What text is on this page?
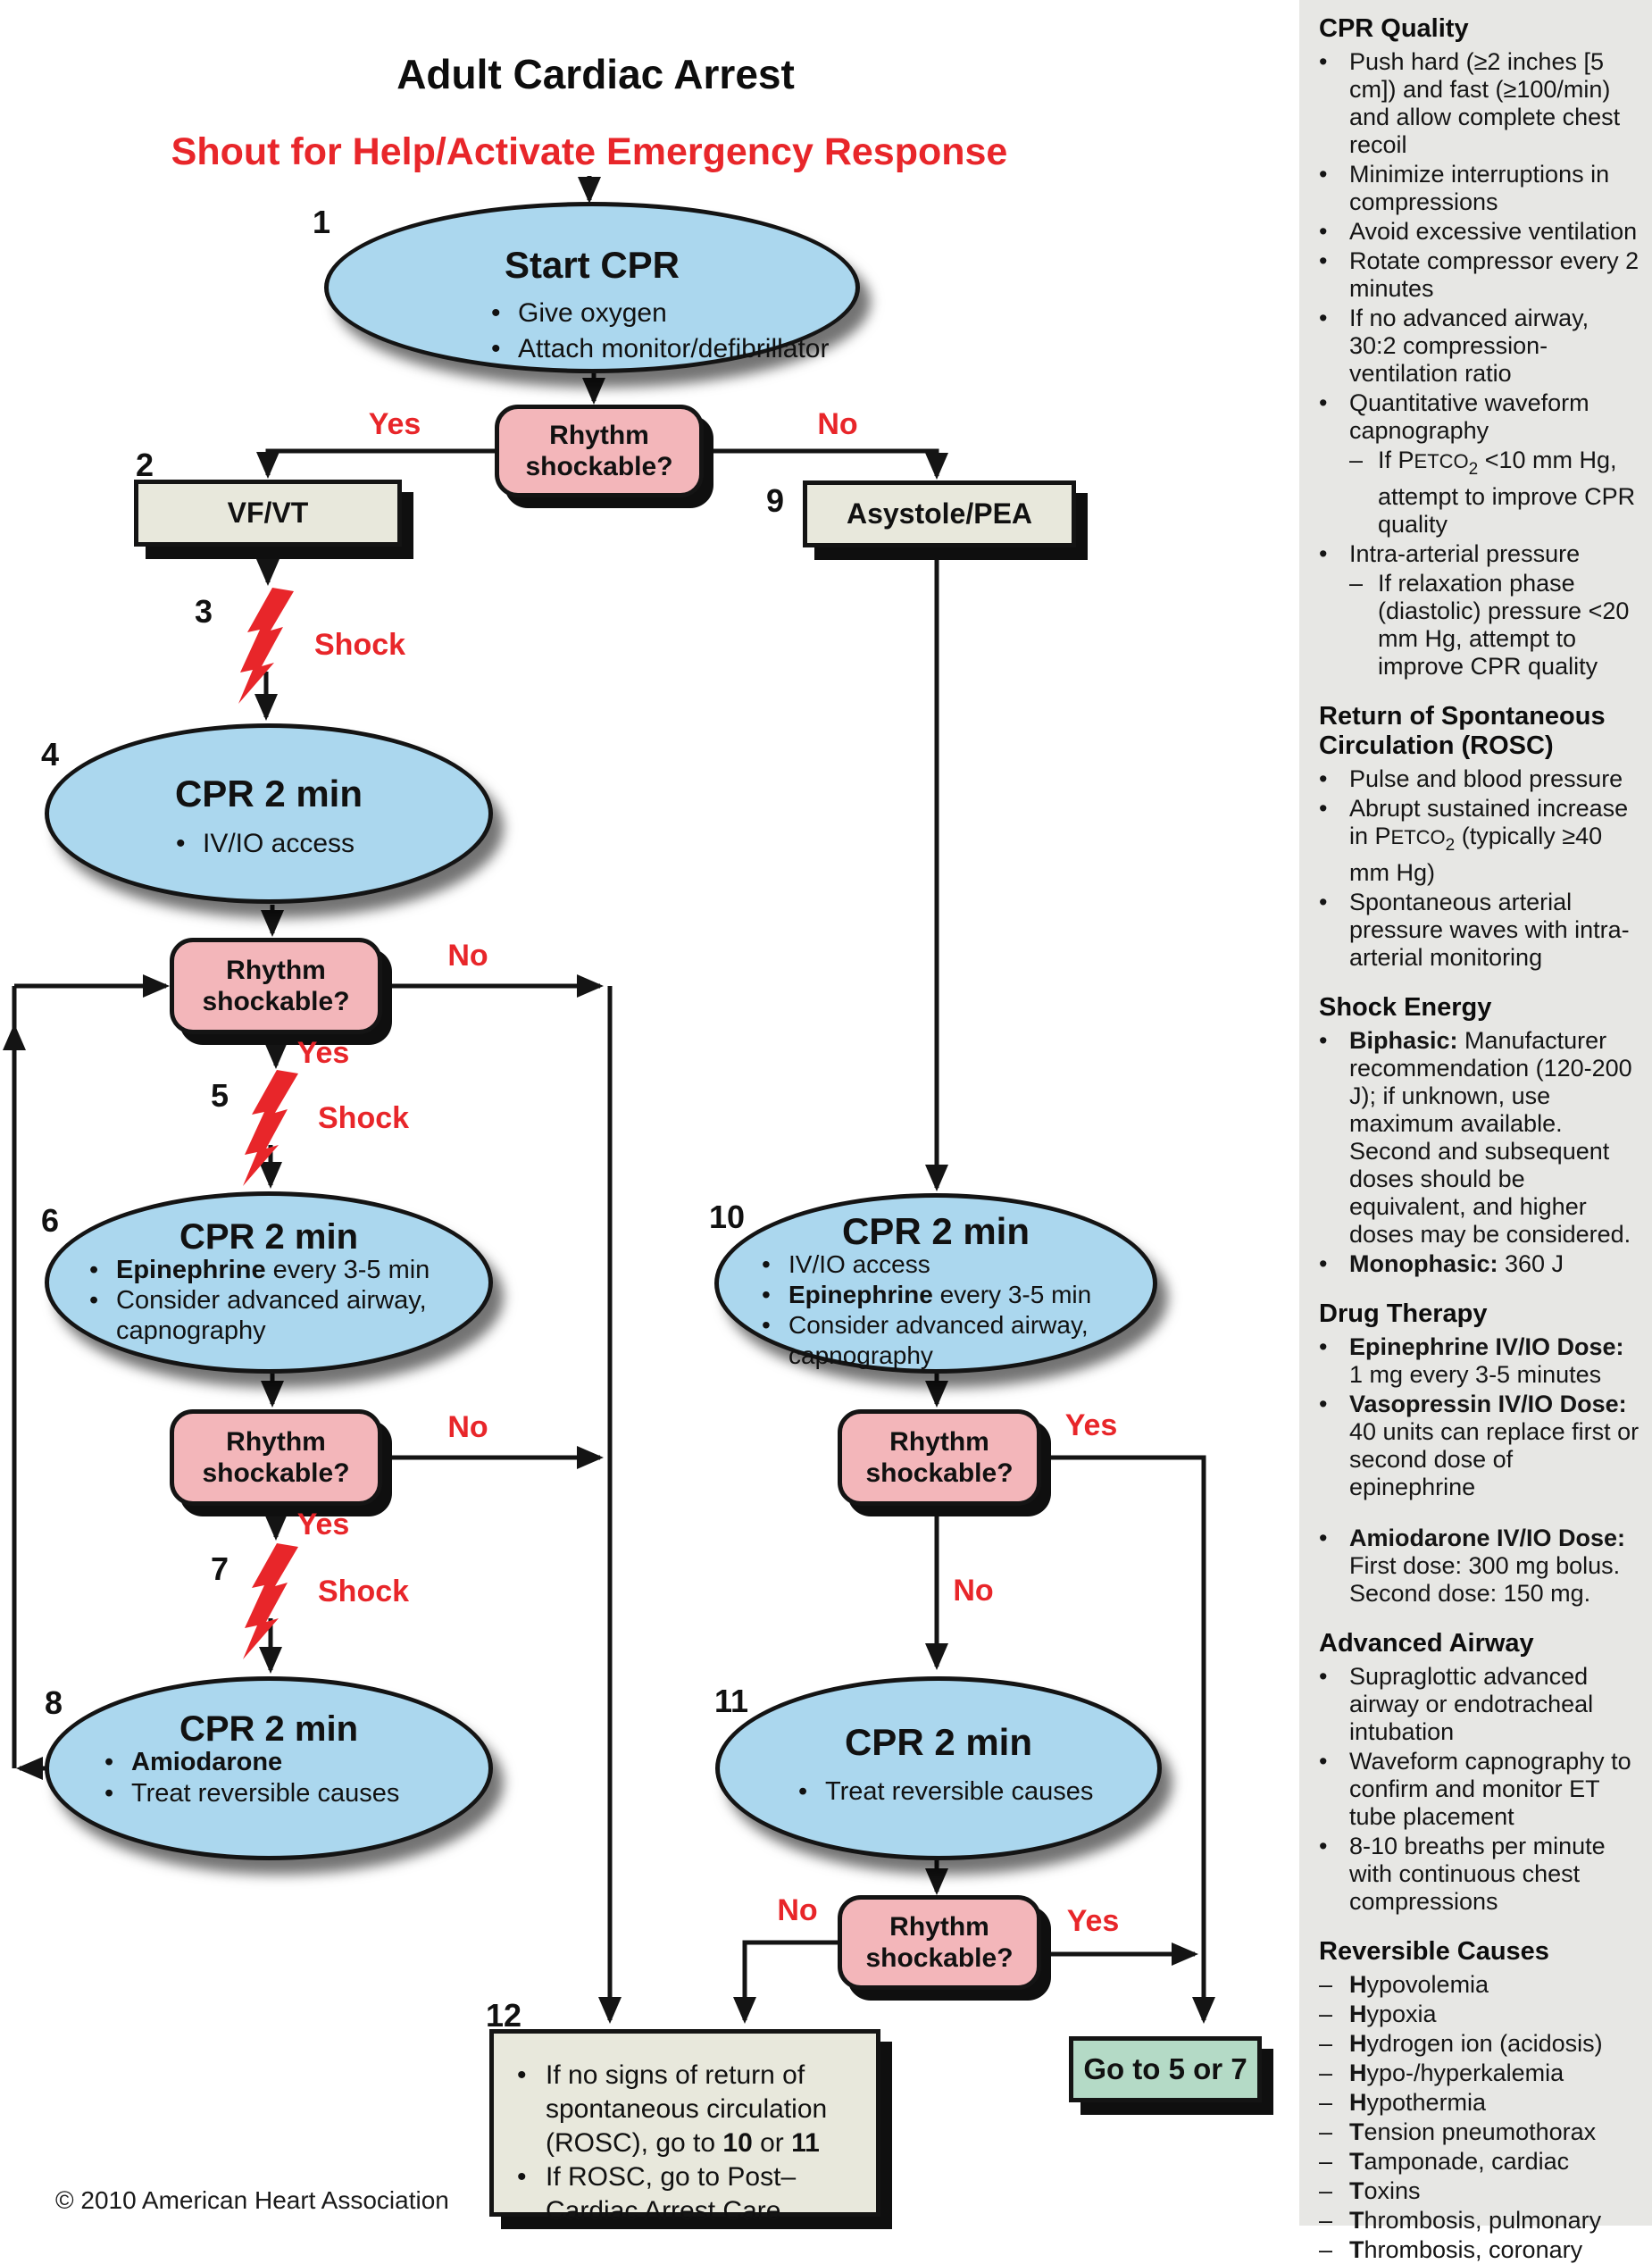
Adult Cardiac Arrest
Shout for Help/Activate Emergency Response
1
2
3
4
5
6
7
8
9
10
11
12
Yes	No
No
Yes
No
Yes
Yes
No
No	Yes
Shock
Shock
Shock
Start CPR
• Give oxygen
• Attach monitor/defibrillator
Rhythm
shockable?
VF/VT	Asystole/PEA
CPR 2 min
• IV/IO access
Rhythm
shockable?
CPR 2 min
• Epinephrine every 3-5 min
• Consider advanced airway, capnography
Rhythm
shockable?
CPR 2 min
• Amiodarone
• Treat reversible causes
CPR 2 min
• IV/IO access
• Epinephrine every 3-5 min
• Consider advanced airway, capnography
Rhythm
shockable?
CPR 2 min
• Treat reversible causes
Rhythm
shockable?
• If no signs of return of spontaneous circulation (ROSC), go to 10 or 11
• If ROSC, go to Post–Cardiac Arrest Care
Go to 5 or 7
© 2010 American Heart Association
CPR Quality
• Push hard (≥2 inches [5 cm]) and fast (≥100/min) and allow complete chest recoil
• Minimize interruptions in compressions
• Avoid excessive ventilation
• Rotate compressor every 2 minutes
• If no advanced airway, 30:2 compression-ventilation ratio
• Quantitative waveform capnography
– If $PETCO_2 <10$ mm Hg, attempt to improve CPR quality
• Intra-arterial pressure
– If relaxation phase (diastolic) pressure <20 mm Hg, attempt to improve CPR quality
Return of Spontaneous Circulation (ROSC)
• Pulse and blood pressure
• Abrupt sustained increase in $PETCO_2$ (typically ≥40 mm Hg)
• Spontaneous arterial pressure waves with intra-arterial monitoring
Shock Energy
• Biphasic: Manufacturer recommendation (120-200 J); if unknown, use maximum available. Second and subsequent doses should be equivalent, and higher doses may be considered.
• Monophasic: 360 J
Drug Therapy
• Epinephrine IV/IO Dose: 1 mg every 3-5 minutes
• Vasopressin IV/IO Dose: 40 units can replace first or second dose of epinephrine
• Amiodarone IV/IO Dose: First dose: 300 mg bolus. Second dose: 150 mg.
Advanced Airway
• Supraglottic advanced airway or endotracheal intubation
• Waveform capnography to confirm and monitor ET tube placement
• 8-10 breaths per minute with continuous chest compressions
Reversible Causes
– Hypovolemia
– Hypoxia
– Hydrogen ion (acidosis)
– Hypo-/hyperkalemia
– Hypothermia
– Tension pneumothorax
– Tamponade, cardiac
– Toxins
– Thrombosis, pulmonary
– Thrombosis, coronary
